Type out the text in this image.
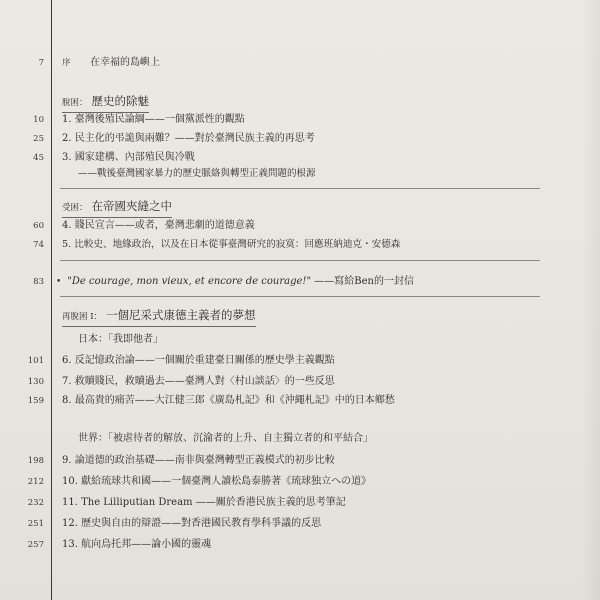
7 序	在幸福的島嶼上
脫困： 歷史的除魅
10 1. 臺灣後殖民論綱——一個黨派性的觀點
25 2. 民主化的弔詭與兩難？——對於臺灣民族主義的再思考
45 3. 國家建構、內部殖民與冷戰
——戰後臺灣國家暴力的歷史脈絡與轉型正義問題的根源
受困： 在帝國夾縫之中
60 4. 賤民宣言——或者，臺灣悲劇的道德意義
74 5. 比較史、地緣政治，以及在日本從事臺灣研究的寂寞：回應班納迪克・安德森
83 • "De courage, mon vieux, et encore de courage!" ——寫給Ben的一封信
再脫困 I： 一個尼采式康德主義者的夢想
日本：「我即他者」
101 6. 反記憶政治論——一個關於重建臺日關係的歷史學主義觀點
130 7. 救贖賤民，救贖過去——臺灣人對〈村山談話〉的一些反思
159 8. 最高貴的痛苦——大江健三郎《廣島札記》和《沖繩札記》中的日本鄉愁
世界：「被虐待者的解放、沉淪者的上升、自主獨立者的和平結合」
198 9. 論道德的政治基礎——南非與臺灣轉型正義模式的初步比較
212 10. 獻給琉球共和國——一個臺灣人讀松島泰勝著《琉球独立への道》
232 11. The Lilliputian Dream ——關於香港民族主義的思考筆記
251 12. 歷史與自由的辯證——對香港國民教育學科爭議的反思
257 13. 航向烏托邦——論小國的靈魂
